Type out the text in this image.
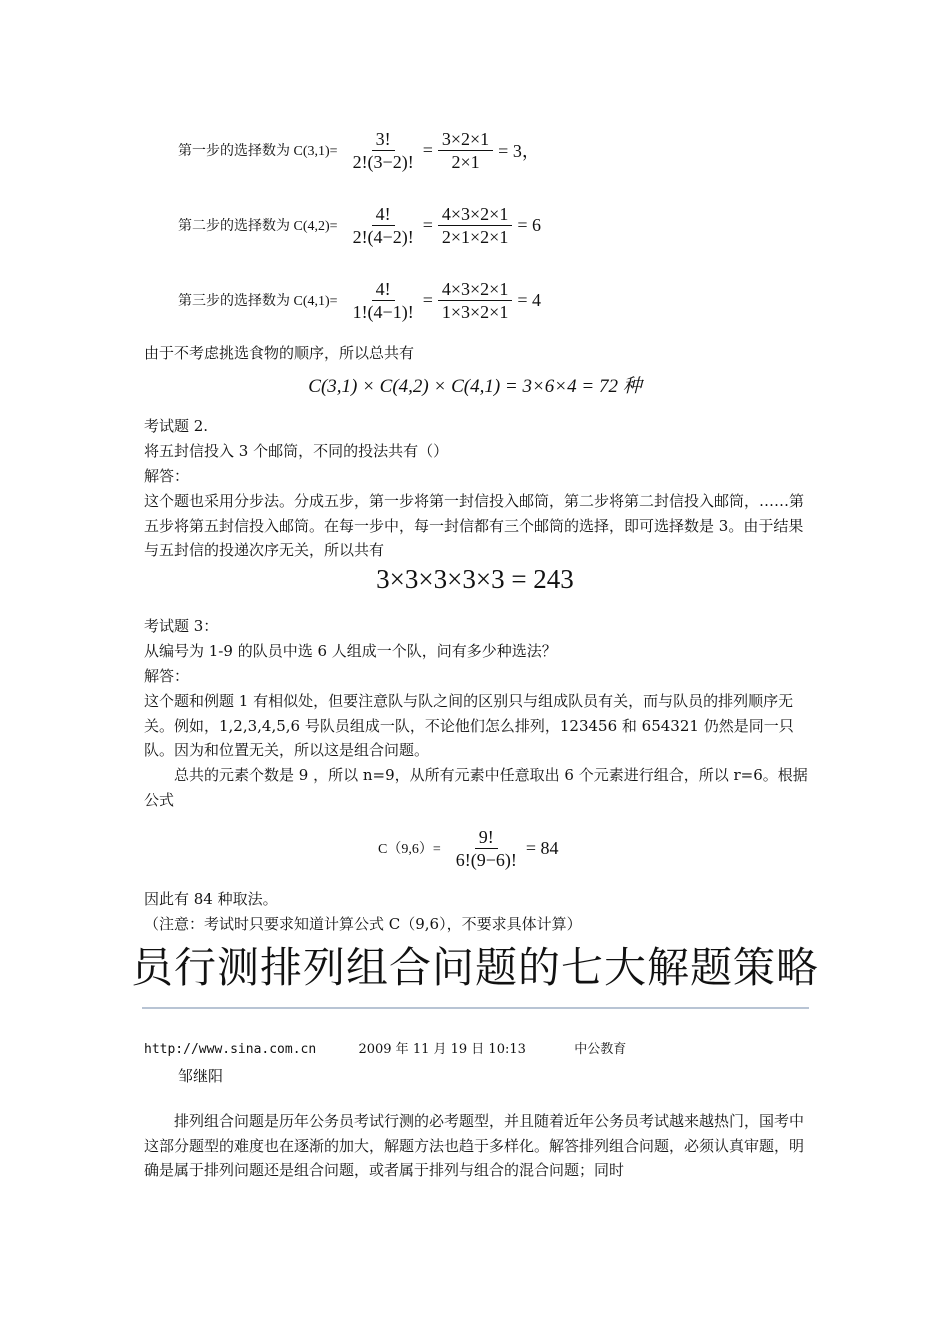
第一步的选择数为 $C(3,1)= \frac{3!}{2!(3-2)!} = \frac{3\times 2\times 1}{2\times 1} = 3$，
第二步的选择数为 $C(4,2)= \frac{4!}{2!(4-2)!} = \frac{4\times 3\times 2\times 1}{2\times 1\times 2\times 1} = 6$
第三步的选择数为 $C(4,1)= \frac{4!}{1!(4-1)!} = \frac{4\times 3\times 2\times 1}{1\times 3\times 2\times 1} = 4$
由于不考虑挑选食物的顺序，所以总共有
C(3,1) × C(4,2) × C(4,1) = 3×6×4 = 72 种
考试题 2.
将五封信投入 3 个邮筒，不同的投法共有（）
解答：
这个题也采用分步法。分成五步，第一步将第一封信投入邮筒，第二步将第二封信投入邮筒，……第五步将第五封信投入邮筒。在每一步中，每一封信都有三个邮筒的选择，即可选择数是 3。由于结果与五封信的投递次序无关，所以共有
3×3×3×3×3 = 243
考试题 3：
从编号为 1-9 的队员中选 6 人组成一个队，问有多少种选法？
解答：
这个题和例题 1 有相似处，但要注意队与队之间的区别只与组成队员有关，而与队员的排列顺序无关。例如，1,2,3,4,5,6 号队员组成一队，不论他们怎么排列，123456 和 654321 仍然是同一只队。因为和位置无关，所以这是组合问题。
总共的元素个数是 9 ，所以 n=9，从所有元素中任意取出 6 个元素进行组合，所以 r=6。根据公式
$C(9,6)= \frac{9!}{6!(9-6)!} = 84$
因此有 84 种取法。
（注意：考试时只要求知道计算公式 C（9,6），不要求具体计算）
员行测排列组合问题的七大解题策略
http://www.sina.com.cn	2009 年 11 月 19 日 10:13	中公教育
邹继阳
排列组合问题是历年公务员考试行测的必考题型，并且随着近年公务员考试越来越热门，国考中这部分题型的难度也在逐渐的加大，解题方法也趋于多样化。解答排列组合问题，必须认真审题，明确是属于排列问题还是组合问题，或者属于排列与组合的混合问题；同时
